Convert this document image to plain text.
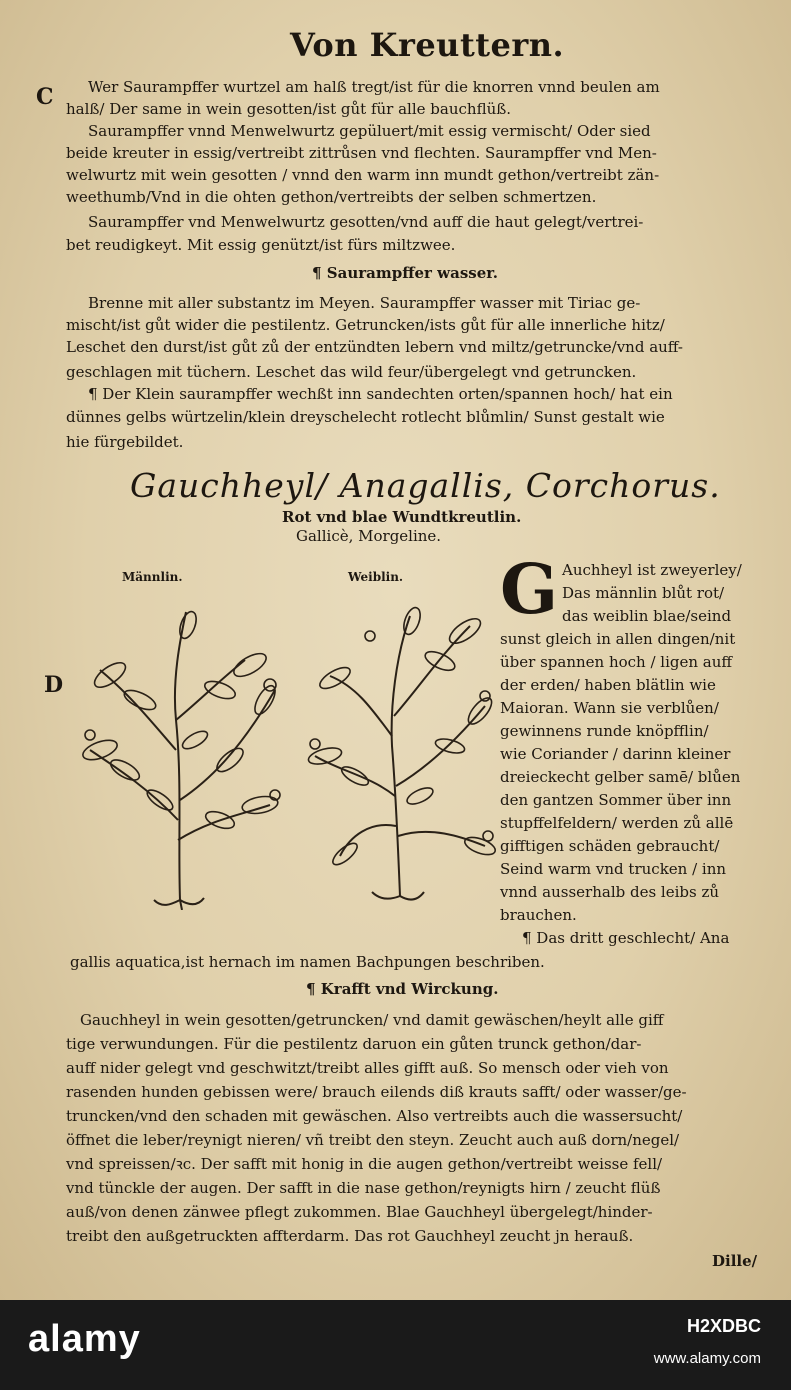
Von Kreuttern.
C
D
Wer Saurampffer wurtzel am halß tregt/ist für die knorren vnnd beulen am
halß/ Der same in wein gesotten/ist gůt für alle bauchflüß.
Saurampffer vnnd Menwelwurtz gepüluert/mit essig vermischt/ Oder sied
beide kreuter in essig/vertreibt zittrůsen vnd flechten. Saurampffer vnd Men-
welwurtz mit wein gesotten / vnnd den warm inn mundt gethon/vertreibt zän-
weethumb/Vnd in die ohten gethon/vertreibts der selben schmertzen.
Saurampffer vnd Menwelwurtz gesotten/vnd auff die haut gelegt/vertrei-
bet reudigkeyt. Mit essig genützt/ist fürs miltzwee.
¶ Saurampffer wasser.
Brenne mit aller substantz im Meyen. Saurampffer wasser mit Tiriac ge-
mischt/ist gůt wider die pestilentz. Getruncken/ists gůt für alle innerliche hitz/
Leschet den durst/ist gůt zů der entzündten lebern vnd miltz/getruncke/vnd auff-
geschlagen mit tüchern. Leschet das wild feur/übergelegt vnd getruncken.
¶ Der Klein saurampffer wechßt inn sandechten orten/spannen hoch/ hat ein
dünnes gelbs würtzelin/klein dreyschelecht rotlecht blůmlin/ Sunst gestalt wie
hie fürgebildet.
Gauchheyl/ Anagallis, Corchorus.
Rot vnd blae Wundtkreutlin.
Gallicè, Morgeline.
Männlin.	Weiblin. G Auchheyl ist zweyerley/
Das männlin blůt rot/
das weiblin blae/seind
sunst gleich in allen dingen/nit
über spannen hoch / ligen auff
der erden/ haben blätlin wie
Maioran. Wann sie verblůen/
gewinnens runde knöpfflin/
wie Coriander / darinn kleiner
dreieckecht gelber samē/ blůen
den gantzen Sommer über inn
stupffelfeldern/ werden zů allē
gifftigen schäden gebraucht/
Seind warm vnd trucken / inn
vnnd ausserhalb des leibs zů
brauchen.
¶ Das dritt geschlecht/ Ana
gallis aquatica,ist hernach im namen Bachpungen beschriben.
¶ Krafft vnd Wirckung.
Gauchheyl in wein gesotten/getruncken/ vnd damit gewäschen/heylt alle giff
tige verwundungen. Für die pestilentz daruon ein gůten trunck gethon/dar-
auff nider gelegt vnd geschwitzt/treibt alles gifft auß. So mensch oder vieh von
rasenden hunden gebissen were/ brauch eilends diß krauts safft/ oder wasser/ge-
truncken/vnd den schaden mit gewäschen. Also vertreibts auch die wassersucht/
öffnet die leber/reynigt nieren/ vñ treibt den steyn. Zeucht auch auß dorn/negel/
vnd spreissen/ꝛc. Der safft mit honig in die augen gethon/vertreibt weisse fell/
vnd tünckle der augen. Der safft in die nase gethon/reynigts hirn / zeucht flüß
auß/von denen zänwee pflegt zukommen. Blae Gauchheyl übergelegt/hinder-
treibt den außgetruckten affterdarm. Das rot Gauchheyl zeucht jn herauß.
Dille/
alamy	H2XDBC
www.alamy.com
